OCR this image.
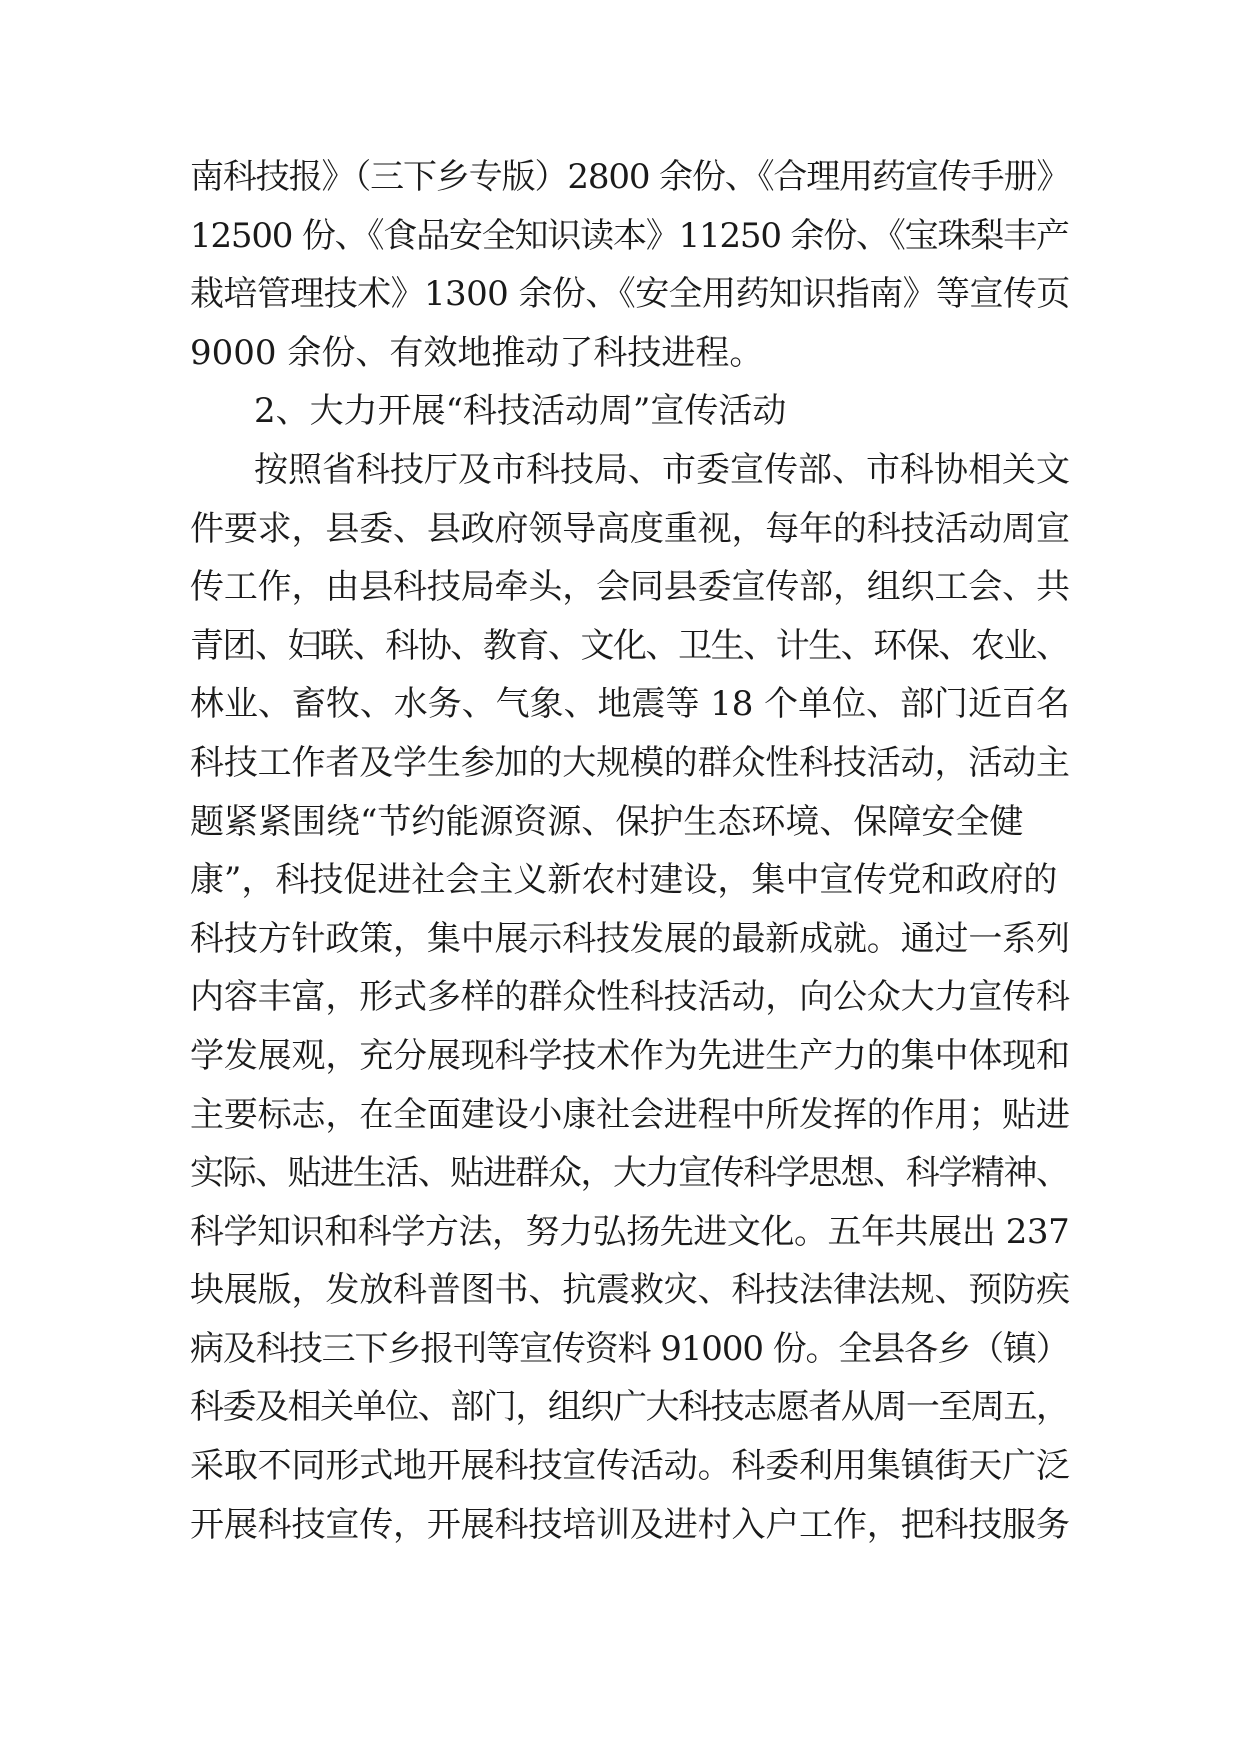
南科技报》（三下乡专版）2800 余份、《合理用药宣传手册》
12500 份、《食品安全知识读本》11250 余份、《宝珠梨丰产
栽培管理技术》1300 余份、《安全用药知识指南》等宣传页
9000 余份、有效地推动了科技进程。
2、大力开展“科技活动周”宣传活动
按照省科技厅及市科技局、市委宣传部、市科协相关文
件要求，县委、县政府领导高度重视，每年的科技活动周宣
传工作，由县科技局牵头，会同县委宣传部，组织工会、共
青团、妇联、科协、教育、文化、卫生、计生、环保、农业、
林业、畜牧、水务、气象、地震等 18 个单位、部门近百名
科技工作者及学生参加的大规模的群众性科技活动，活动主
题紧紧围绕“节约能源资源、保护生态环境、保障安全健
康”，科技促进社会主义新农村建设，集中宣传党和政府的
科技方针政策，集中展示科技发展的最新成就。通过一系列
内容丰富，形式多样的群众性科技活动，向公众大力宣传科
学发展观，充分展现科学技术作为先进生产力的集中体现和
主要标志，在全面建设小康社会进程中所发挥的作用；贴进
实际、贴进生活、贴进群众，大力宣传科学思想、科学精神、
科学知识和科学方法，努力弘扬先进文化。五年共展出 237
块展版，发放科普图书、抗震救灾、科技法律法规、预防疾
病及科技三下乡报刊等宣传资料 91000 份。全县各乡（镇）
科委及相关单位、部门，组织广大科技志愿者从周一至周五，
采取不同形式地开展科技宣传活动。科委利用集镇街天广泛
开展科技宣传，开展科技培训及进村入户工作，把科技服务
